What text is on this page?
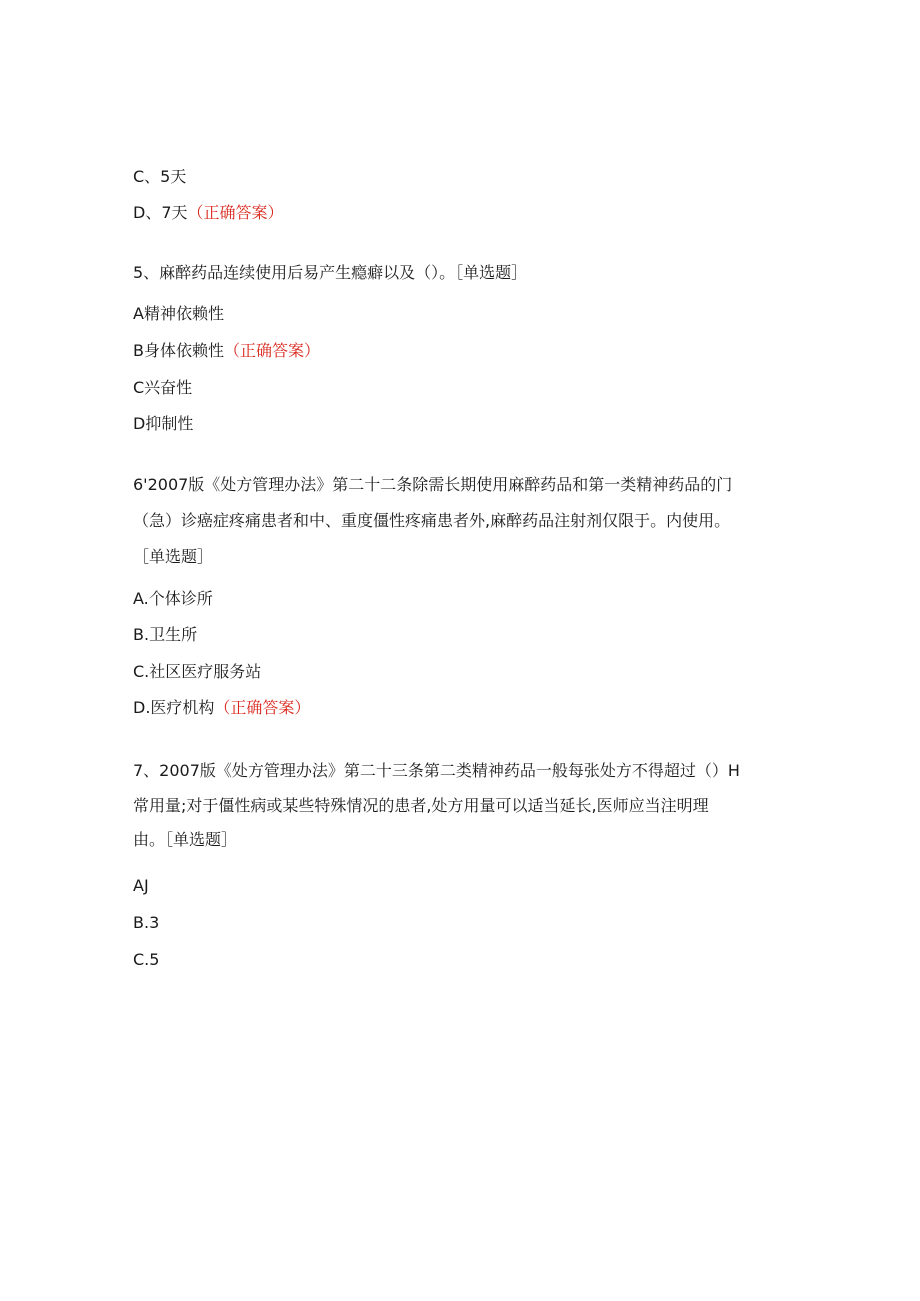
C、5天
D、7天（正确答案）
5、麻醉药品连续使用后易产生瘾癖以及（）。［单选题］
A精神依赖性
B身体依赖性（正确答案）
C兴奋性
D抑制性
6'2007版《处方管理办法》第二十二条除需长期使用麻醉药品和第一类精神药品的门
（急）诊癌症疼痛患者和中、重度僵性疼痛患者外,麻醉药品注射剂仅限于。内使用。
［单选题］
A.个体诊所
B.卫生所
C.社区医疗服务站
D.医疗机构（正确答案）
7、2007版《处方管理办法》第二十三条第二类精神药品一般每张处方不得超过（）H
常用量;对于僵性病或某些特殊情况的患者,处方用量可以适当延长,医师应当注明理
由。［单选题］
AJ
B.3
C.5
